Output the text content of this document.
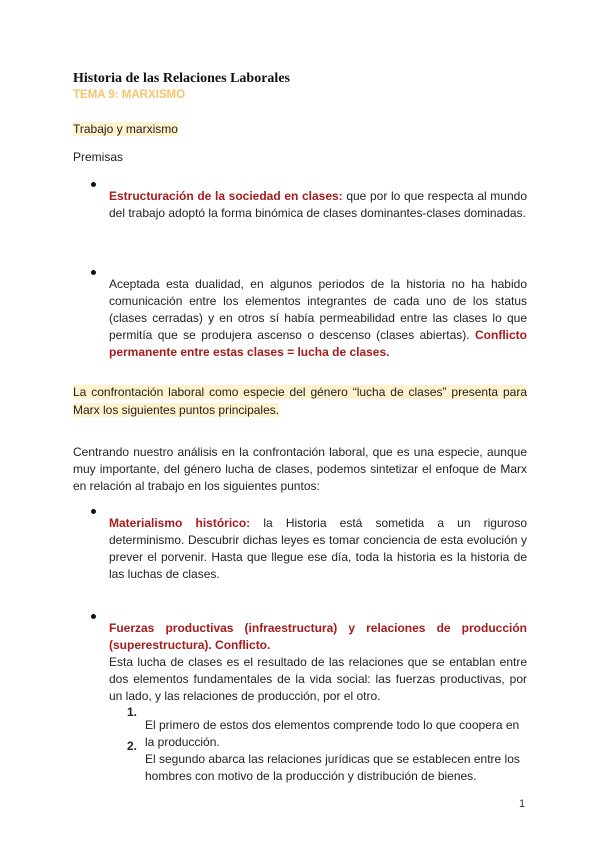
Historia de las Relaciones Laborales

TEMA 9: MARXISMO

Trabajo y marxismo

Premisas

Estructuración de la sociedad en clases: que por lo que respecta al mundo del trabajo adoptó la forma binómica de clases dominantes-clases dominadas.

Aceptada esta dualidad, en algunos periodos de la historia no ha habido comunicación entre los elementos integrantes de cada uno de los status (clases cerradas) y en otros sí había permeabilidad entre las clases lo que permitía que se produjera ascenso o descenso (clases abiertas). Conflicto permanente entre estas clases = lucha de clases.

La confrontación laboral como especie del género “lucha de clases” presenta para Marx los siguientes puntos principales.

Centrando nuestro análisis en la confrontación laboral, que es una especie, aunque muy importante, del género lucha de clases, podemos sintetizar el enfoque de Marx en relación al trabajo en los siguientes puntos:

Materialismo histórico: la Historia está sometida a un riguroso determinismo. Descubrir dichas leyes es tomar conciencia de esta evolución y prever el porvenir. Hasta que llegue ese día, toda la historia es la historia de las luchas de clases.

Fuerzas productivas (infraestructura) y relaciones de producción (superestructura). Conflicto.

Esta lucha de clases es el resultado de las relaciones que se entablan entre dos elementos fundamentales de la vida social: las fuerzas productivas, por un lado, y las relaciones de producción, por el otro.

1.

El primero de estos dos elementos comprende todo lo que coopera en la producción.

2.

El segundo abarca las relaciones jurídicas que se establecen entre los hombres con motivo de la producción y distribución de bienes.

1
